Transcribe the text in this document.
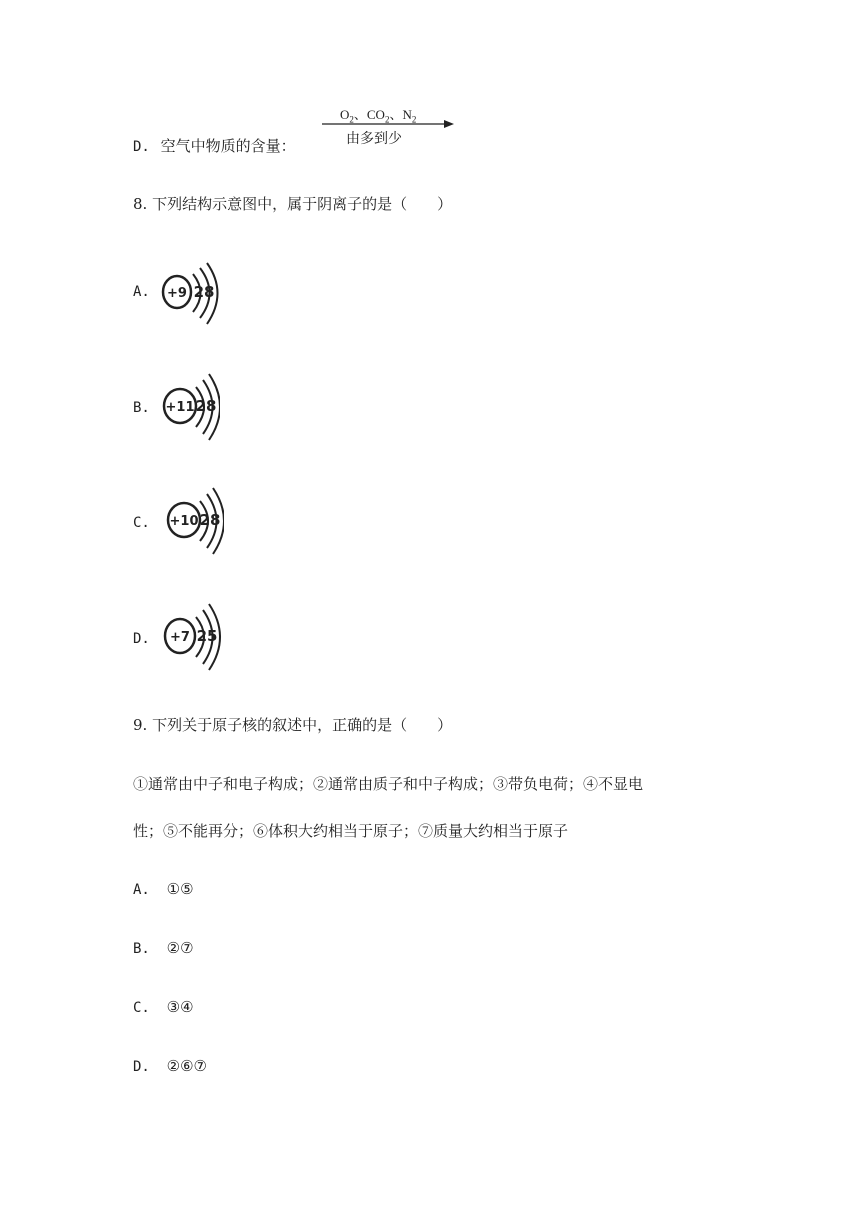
D. 空气中物质的含量：
$O_2$、$CO_2$、$N_2$
由多到少
8. 下列结构示意图中，属于阴离子的是（　　）
A. +9 28
B. +11 28
C. +10 28
D. +7 25
9. 下列关于原子核的叙述中，正确的是（　　）
①通常由中子和电子构成；②通常由质子和中子构成；③带负电荷；④不显电
性；⑤不能再分；⑥体积大约相当于原子；⑦质量大约相当于原子
A. ①⑤
B. ②⑦
C. ③④
D. ②⑥⑦
